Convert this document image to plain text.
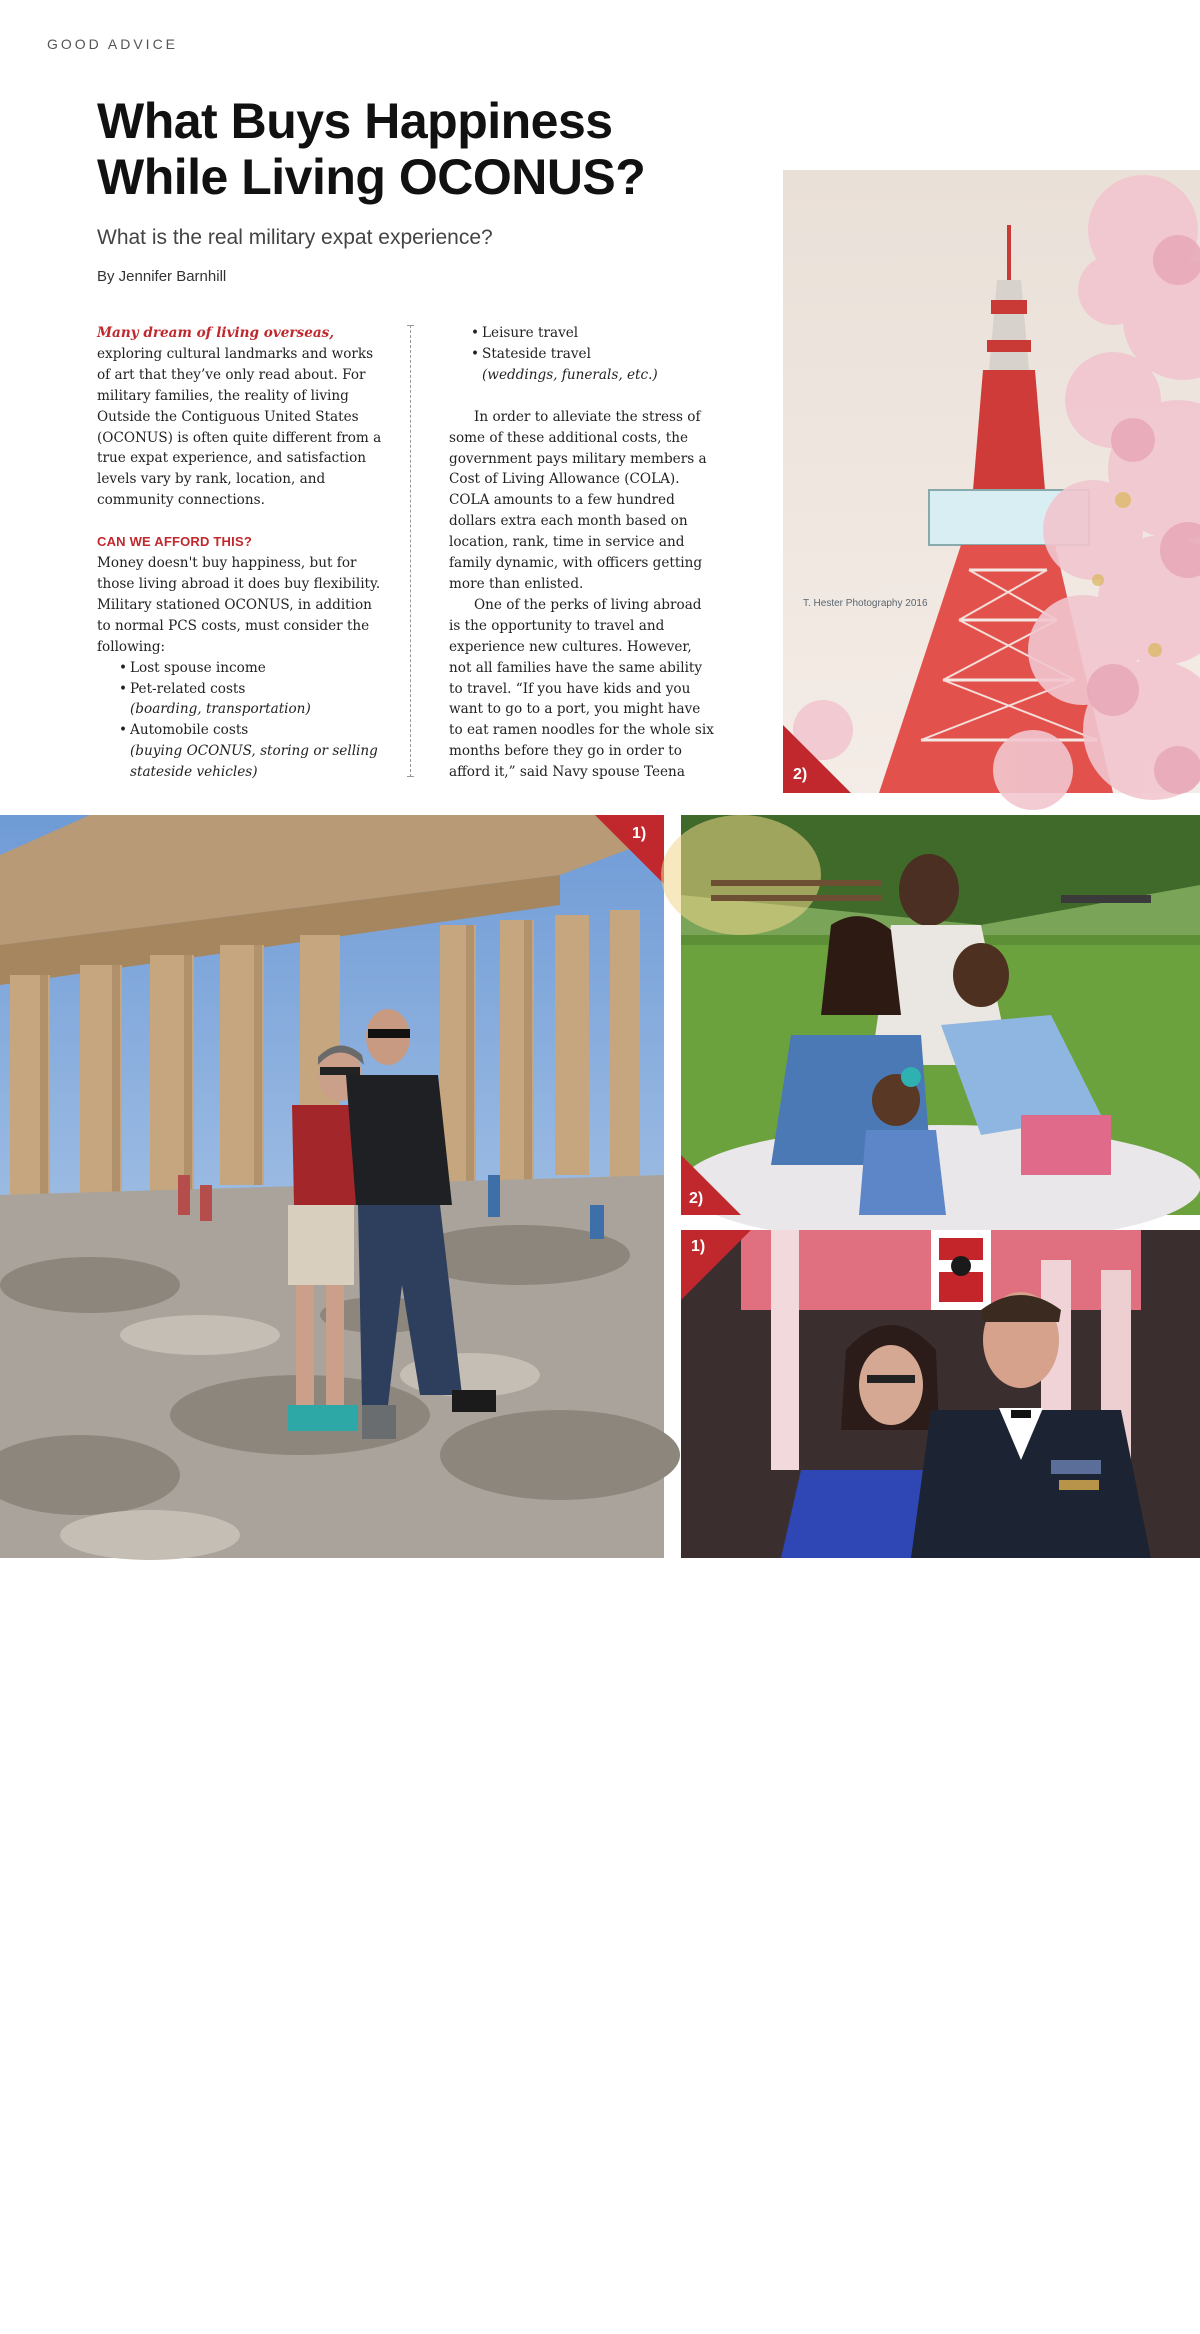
GOOD ADVICE
What Buys Happiness
While Living OCONUS?
What is the real military expat experience?
By Jennifer Barnhill

Many dream of living overseas, exploring cultural landmarks and works of art that they’ve only read about. For military families, the reality of living Outside the Contiguous United States (OCONUS) is often quite different from a true expat experience, and satisfaction levels vary by rank, location, and community connections.

CAN WE AFFORD THIS?

Money doesn't buy happiness, but for those living abroad it does buy flexibility. Military stationed OCONUS, in addition to normal PCS costs, must consider the following:

• Lost spouse income
• Pet-related costs
(boarding, transportation)
• Automobile costs
(buying OCONUS, storing or selling stateside vehicles)
• Leisure travel
• Stateside travel
(weddings, funerals, etc.)

In order to alleviate the stress of some of these additional costs, the government pays military members a Cost of Living Allowance (COLA). COLA amounts to a few hundred dollars extra each month based on location, rank, time in service and family dynamic, with officers getting more than enlisted.

One of the perks of living abroad is the opportunity to travel and experience new cultures. However, not all families have the same ability to travel. “If you have kids and you want to go to a port, you might have to eat ramen noodles for the whole six months before they go in order to afford it,” said Navy spouse Teena

T. Hester Photography 2016
2)
1)
16 MILITARYSPOUSE.COM / JULY 2020
2)
1)
